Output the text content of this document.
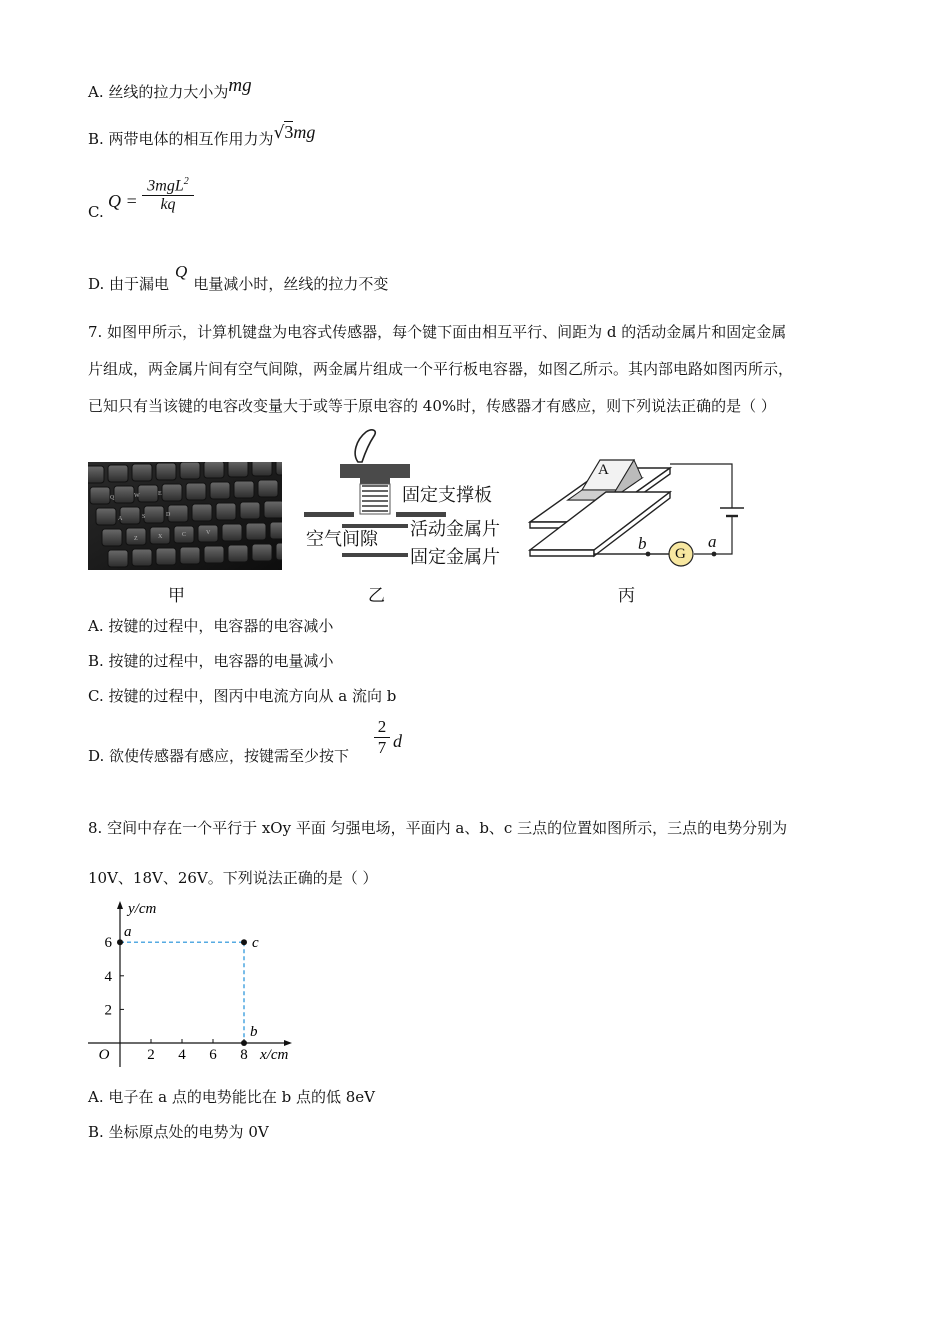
A. 丝线的拉力大小为mg
B. 两带电体的相互作用力为√3mg
C.
Q =
3mgL$^2$
kq
D. 由于漏电Q电量减小时，丝线的拉力不变
7. 如图甲所示，计算机键盘为电容式传感器，每个键下面由相互平行、间距为 d 的活动金属片和固定金属
片组成，两金属片间有空气间隙，两金属片组成一个平行板电容器，如图乙所示。其内部电路如图丙所示，
已知只有当该键的电容改变量大于或等于原电容的 40%时，传感器才有感应，则下列说法正确的是（ ）
Q	W	E
A	S	D
Z	X	C	V
甲
固定支撑板
空气间隙 活动金属片
固定金属片
乙
A
G
b	a
丙
A. 按键的过程中，电容器的电容减小
B. 按键的过程中，电容器的电量减小
C. 按键的过程中，图丙中电流方向从 a 流向 b
D. 欲使传感器有感应，按键需至少按下
2
7 d
8. 空间中存在一个平行于 xOy 平面 匀强电场，平面内 a、b、c 三点的位置如图所示，三点的电势分别为
10V、18V、26V。下列说法正确的是（ ）
2 4 6 8
2
4
6
O	x/cm
y/cm
a
c
b
A. 电子在 a 点的电势能比在 b 点的低 8eV
B. 坐标原点处的电势为 0V
